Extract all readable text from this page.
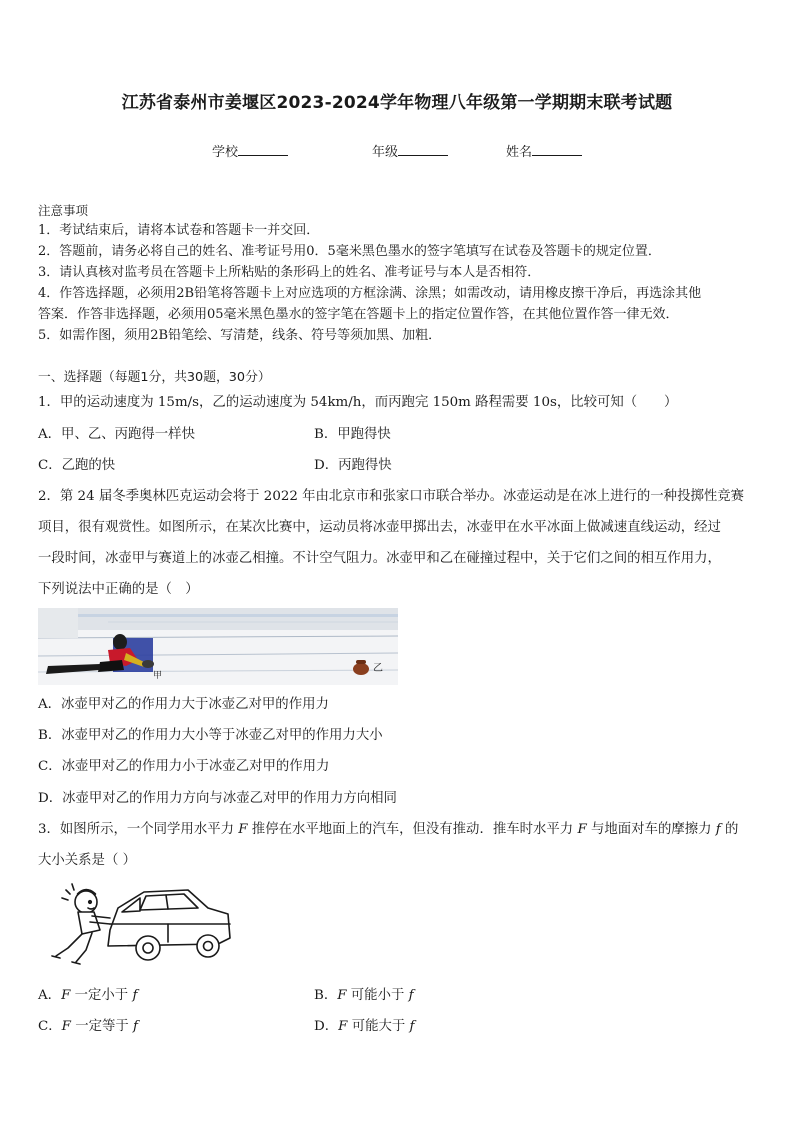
江苏省泰州市姜堰区2023-2024学年物理八年级第一学期期末联考试题
学校	年级	姓名
注意事项
1．考试结束后，请将本试卷和答题卡一并交回．
2．答题前，请务必将自己的姓名、准考证号用0．5毫米黑色墨水的签字笔填写在试卷及答题卡的规定位置．
3．请认真核对监考员在答题卡上所粘贴的条形码上的姓名、准考证号与本人是否相符．
4．作答选择题，必须用2B铅笔将答题卡上对应选项的方框涂满、涂黑；如需改动，请用橡皮擦干净后，再选涂其他
答案．作答非选择题，必须用05毫米黑色墨水的签字笔在答题卡上的指定位置作答，在其他位置作答一律无效．
5．如需作图，须用2B铅笔绘、写清楚，线条、符号等须加黑、加粗．
一、选择题（每题1分，共30题，30分）
1．甲的运动速度为 15m/s，乙的运动速度为 54km/h，而丙跑完 150m 路程需要 10s，比较可知（　　）
A．甲、乙、丙跑得一样快	B．甲跑得快
C．乙跑的快	D．丙跑得快
2．第 24 届冬季奥林匹克运动会将于 2022 年由北京市和张家口市联合举办。冰壶运动是在冰上进行的一种投掷性竞赛
项目，很有观赏性。如图所示，在某次比赛中，运动员将冰壶甲掷出去，冰壶甲在水平冰面上做减速直线运动，经过
一段时间，冰壶甲与赛道上的冰壶乙相撞。不计空气阻力。冰壶甲和乙在碰撞过程中，关于它们之间的相互作用力，
下列说法中正确的是（　）
甲
乙
A．冰壶甲对乙的作用力大于冰壶乙对甲的作用力
B．冰壶甲对乙的作用力大小等于冰壶乙对甲的作用力大小
C．冰壶甲对乙的作用力小于冰壶乙对甲的作用力
D．冰壶甲对乙的作用力方向与冰壶乙对甲的作用力方向相同
3．如图所示，一个同学用水平力 F 推停在水平地面上的汽车，但没有推动．推车时水平力 F 与地面对车的摩擦力 f 的
大小关系是（ ）
A．F 一定小于 f	B．F 可能小于 f
C．F 一定等于 f	D．F 可能大于 f
